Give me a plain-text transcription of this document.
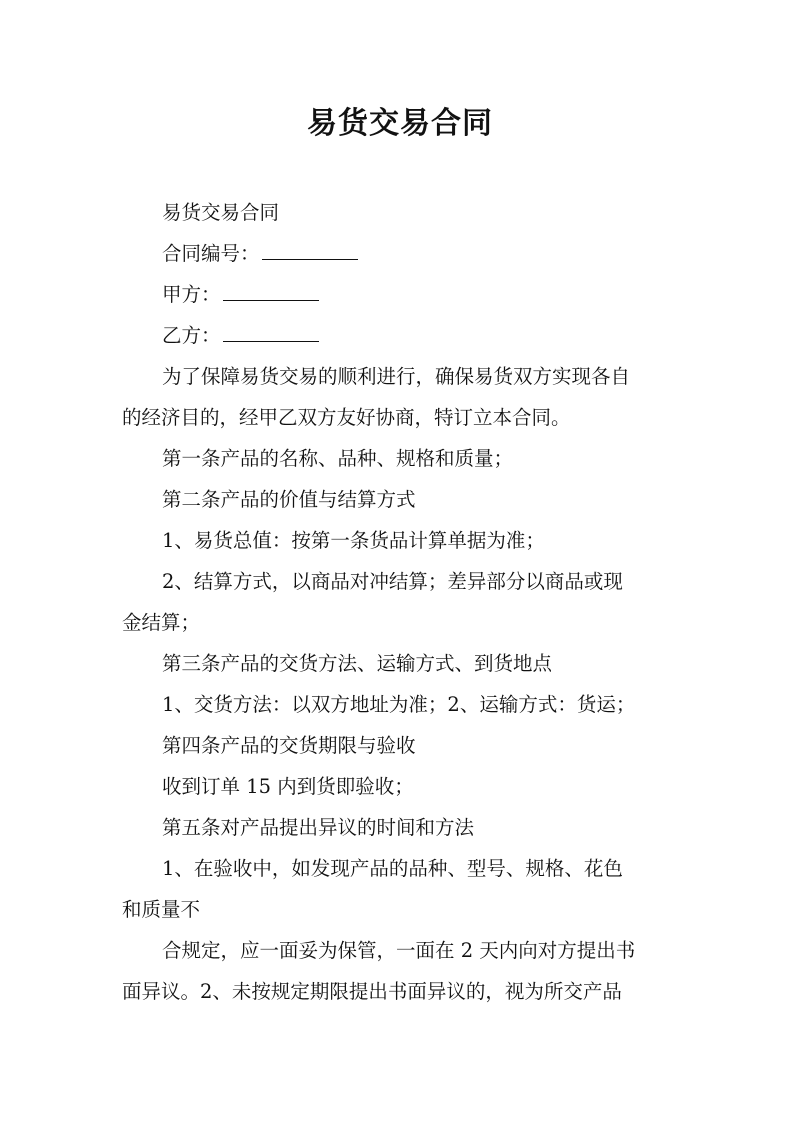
易货交易合同
易货交易合同
合同编号：
甲方：
乙方：
为了保障易货交易的顺利进行，确保易货双方实现各自
的经济目的，经甲乙双方友好协商，特订立本合同。
第一条产品的名称、品种、规格和质量；
第二条产品的价值与结算方式
1、易货总值：按第一条货品计算单据为准；
2、结算方式，以商品对冲结算；差异部分以商品或现
金结算；
第三条产品的交货方法、运输方式、到货地点
1、交货方法：以双方地址为准；2、运输方式：货运；
第四条产品的交货期限与验收
收到订单 15 内到货即验收；
第五条对产品提出异议的时间和方法
1、在验收中，如发现产品的品种、型号、规格、花色
和质量不
合规定，应一面妥为保管，一面在 2 天内向对方提出书
面异议。2、未按规定期限提出书面异议的，视为所交产品
